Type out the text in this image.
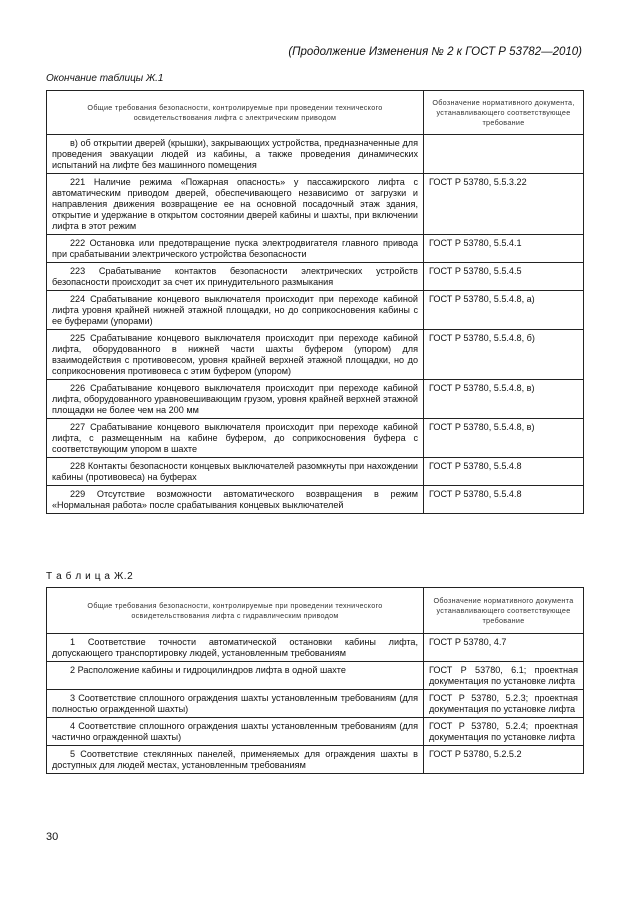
(Продолжение Изменения № 2 к ГОСТ Р 53782—2010)
Окончание таблицы Ж.1
Общие требования безопасности, контролируемые при проведении технического освидетельствования лифта с электрическим приводом	Обозначение нормативного документа, устанавливающего соответствующее требование
в) об открытии дверей (крышки), закрывающих устройства, предназначенные для проведения эвакуации людей из кабины, а также проведения динамических испытаний на лифте без машинного помещения	
221 Наличие режима «Пожарная опасность» у пассажирского лифта с автоматическим приводом дверей, обеспечивающего независимо от загрузки и направления движения возвращение ее на основной посадочный этаж здания, открытие и удержание в открытом состоянии дверей кабины и шахты, при включении лифта в этот режим	ГОСТ Р 53780, 5.5.3.22
222 Остановка или предотвращение пуска электродвигателя главного привода при срабатывании электрического устройства безопасности	ГОСТ Р 53780, 5.5.4.1
223 Срабатывание контактов безопасности электрических устройств безопасности происходит за счет их принудительного размыкания	ГОСТ Р 53780, 5.5.4.5
224 Срабатывание концевого выключателя происходит при переходе кабиной лифта уровня крайней нижней этажной площадки, но до соприкосновения кабины с ее буферами (упорами)	ГОСТ Р 53780, 5.5.4.8, а)
225 Срабатывание концевого выключателя происходит при переходе кабиной лифта, оборудованного в нижней части шахты буфером (упором) для взаимодействия с противовесом, уровня крайней верхней этажной площадки, но до соприкосновения противовеса с этим буфером (упором)	ГОСТ Р 53780, 5.5.4.8, б)
226 Срабатывание концевого выключателя происходит при переходе кабиной лифта, оборудованного уравновешивающим грузом, уровня крайней верхней этажной площадки не более чем на 200 мм	ГОСТ Р 53780, 5.5.4.8, в)
227 Срабатывание концевого выключателя происходит при переходе кабиной лифта, с размещенным на кабине буфером, до соприкосновения буфера с соответствующим упором в шахте	ГОСТ Р 53780, 5.5.4.8, в)
228 Контакты безопасности концевых выключателей разомкнуты при нахождении кабины (противовеса) на буферах	ГОСТ Р 53780, 5.5.4.8
229 Отсутствие возможности автоматического возвращения в режим «Нормальная работа» после срабатывания концевых выключателей	ГОСТ Р 53780, 5.5.4.8
Т а б л и ц а Ж.2
Общие требования безопасности, контролируемые при проведении технического освидетельствования лифта с гидравлическим приводом	Обозначение нормативного документа устанавливающего соответствующее требование
1 Соответствие точности автоматической остановки кабины лифта, допускающего транспортировку людей, установленным требованиям	ГОСТ Р 53780, 4.7
2 Расположение кабины и гидроцилиндров лифта в одной шахте	ГОСТ Р 53780, 6.1; проектная документация по установке лифта
3 Соответствие сплошного ограждения шахты установленным требованиям (для полностью огражденной шахты)	ГОСТ Р 53780, 5.2.3; проектная документация по установке лифта
4 Соответствие сплошного ограждения шахты установленным требованиям (для частично огражденной шахты)	ГОСТ Р 53780, 5.2.4; проектная документация по установке лифта
5 Соответствие стеклянных панелей, применяемых для ограждения шахты в доступных для людей местах, установленным требованиям	ГОСТ Р 53780, 5.2.5.2
30
